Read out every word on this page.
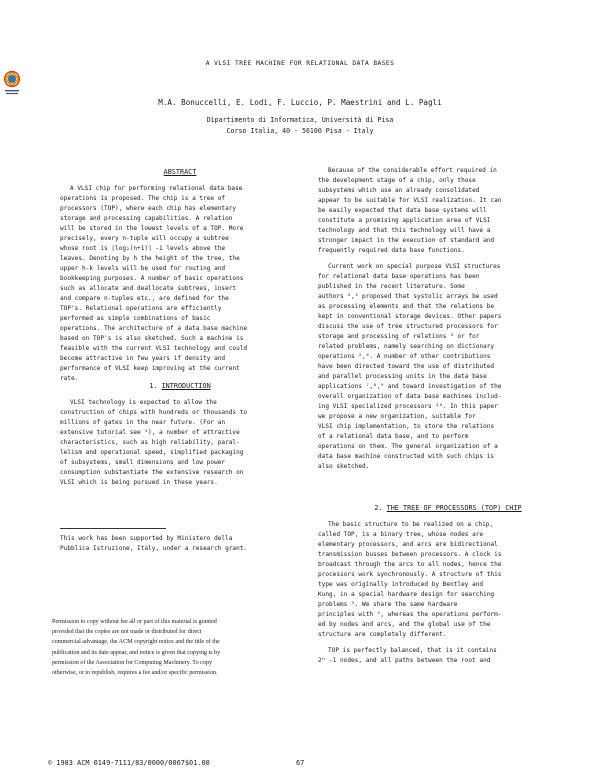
A VLSI TREE MACHINE FOR RELATIONAL DATA BASES
M.A. Bonuccelli, E. Lodi, F. Luccio, P. Maestrini and L. Pagli
Dipartimento di Informatica, Università di Pisa
Corso Italia, 40 - 56100 Pisa - Italy
ABSTRACT
A VLSI chip for performing relational data base
operations is proposed. The chip is a tree of
processors (TOP), where each chip has elementary
storage and processing capabilities. A relation
will be stored in the lowest levels of a TOP. More
precisely, every n-tuple will occupy a subtree
whose root is ⌈log₂(n+1)⌉ -1 levels above the
leaves. Denoting by h the height of the tree, the
upper h-k levels will be used for routing and
bookkeeping purposes. A number of basic operations
such as allocate and deallocate subtrees, insert
and compare n-tuples etc., are defined for the
TOP's. Relational operations are efficiently
performed as simple combinations of basic
operations. The architecture of a data base machine
based on TOP's is also sketched. Such a machine is
feasible with the current VLSI technology and could
become attractive in few years if density and
performance of VLSI keep improving at the current
rate.
1. INTRODUCTION
VLSI technology is expected to allow the
construction of chips with hundreds or thousands to
millions of gates in the near future. (For an
extensive tutorial see ¹), a number of attractive
characteristics, such as high reliability, paral-
lelism and operational speed, simplified packaging
of subsystems, small dimensions and low power
consumption substantiate the extensive research on
VLSI which is being pursued in these years.
This work has been supported by Ministero della
Pubblica Istruzione, Italy, under a research grant.
Permission to copy without fee all or part of this material is granted
provided that the copies are not made or distributed for direct
commercial advantage, the ACM copyright notice and the title of the
publication and its date appear, and notice is given that copying is by
permission of the Association for Computing Machinery. To copy
otherwise, or to republish, requires a fee and/or specific permission.
Because of the considerable effort required in
the development stage of a chip, only those
subsystems which use an already consolidated
appear to be suitable for VLSI realization. It can
be easily expected that data base systems will
constitute a promising application area of VLSI
technology and that this technology will have a
stronger impact in the execution of standard and
frequently required data base functions.
Current work on special purpose VLSI structures
for relational data base operations has been
published in the recent literature. Some
authors ²,³ proposed that systolic arrays be used
as processing elements and that the relations be
kept in conventional storage devices. Other papers
discuss the use of tree structured processors for
storage and processing of relations ⁴ or for
related problems, namely searching on dictionary
operations ⁵,⁶. A number of other contributions
have been directed toward the use of distributed
and parallel processing units in the data base
applications ⁷,⁸,⁹ and toward investigation of the
overall organization of data base machines includ-
ing VLSI specialized processors ¹⁰. In this paper
we propose a new organization, suitable for
VLSI chip implementation, to store the relations
of a relational data base, and to perform
operations on them. The general organization of a
data base machine constructed with such chips is
also sketched.
2. THE TREE OF PROCESSORS (TOP) CHIP
The basic structure to be realized on a chip,
called TOP, is a binary tree, whose nodes are
elementary processors, and arcs are bidirectional
transmission busses between processors. A clock is
broadcast through the arcs to all nodes, hence the
processors work synchronously. A structure of this
type was originally introduced by Bentley and
Kung, in a special hardware design for searching
problems ⁵. We share the same hardware
principles with ⁵, whereas the operations perform-
ed by nodes and arcs, and the global use of the
structure are completely different.
TOP is perfectly balanced, that is it contains
2ʰ -1 nodes, and all paths between the root and
© 1983 ACM 0149-7111/83/0000/0067$01.00	67
